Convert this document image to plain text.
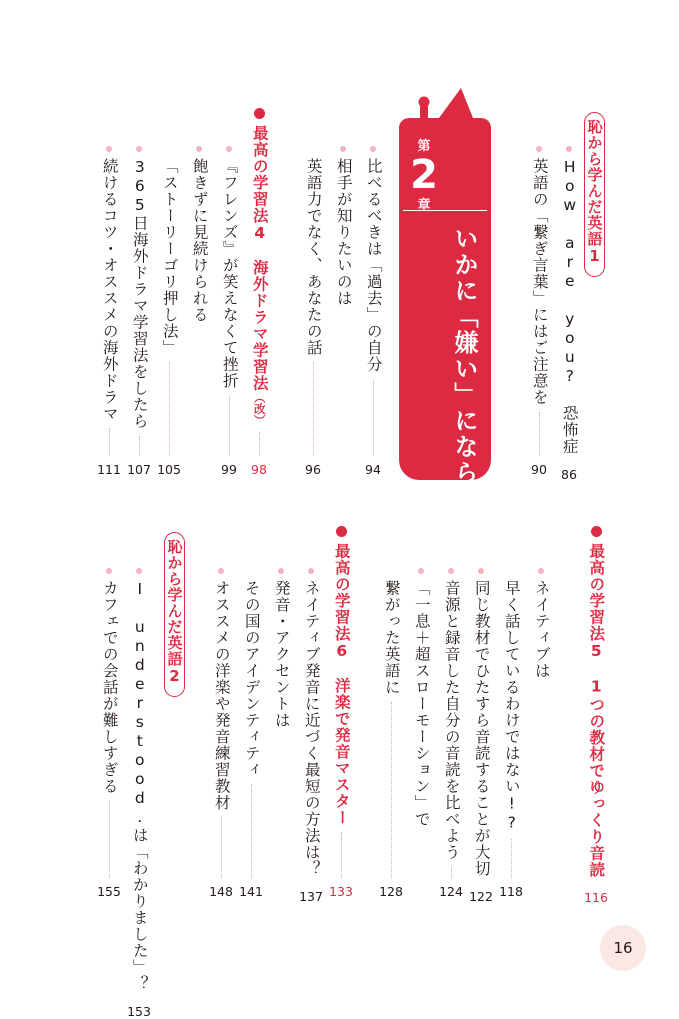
恥から学んだ英語1
How are you? 恐怖症
86
英語の「繋ぎ言葉」にはご注意を
90
第
2
章
いかに「嫌い」にならないか
比べるべきは「過去」の自分
94
相手が知りたいのは
英語力でなく、あなたの話
96
最高の学習法4　海外ドラマ学習法（改）
98
『フレンズ』が笑えなくて挫折
99
飽きずに見続けられる
「ストーリーゴリ押し法」
105
365日海外ドラマ学習法をしたら
107
続けるコツ・オススメの海外ドラマ
111
最高の学習法5　1つの教材でゆっくり音読
116
ネイティブは
早く話しているわけではない!?
118
同じ教材でひたすら音読することが大切
122
音源と録音した自分の音読を比べよう
124
「一息＋超スローモーション」で
繋がった英語に
128
最高の学習法6　洋楽で発音マスター
133
ネイティブ発音に近づく最短の方法は？
137
発音・アクセントは
その国のアイデンティティ
141
オススメの洋楽や発音練習教材
148
恥から学んだ英語2
I understood.は「わかりました」？
153
カフェでの会話が難しすぎる
155
16
